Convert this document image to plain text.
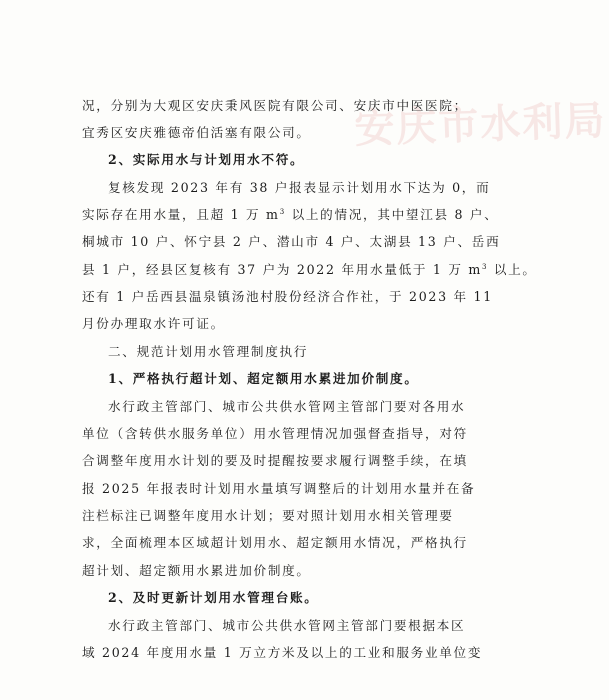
安庆市水利局
况，分别为大观区安庆秉风医院有限公司、安庆市中医医院；
宜秀区安庆雅德帝伯活塞有限公司。
2、实际用水与计划用水不符。
复核发现 2023 年有 38 户报表显示计划用水下达为 0，而
实际存在用水量，且超 1 万 $m^3$ 以上的情况，其中望江县 8 户、
桐城市 10 户、怀宁县 2 户、潜山市 4 户、太湖县 13 户、岳西
县 1 户，经县区复核有 37 户为 2022 年用水量低于 1 万 $m^3$ 以上。
还有 1 户岳西县温泉镇汤池村股份经济合作社，于 2023 年 11
月份办理取水许可证。
二、规范计划用水管理制度执行
1、严格执行超计划、超定额用水累进加价制度。
水行政主管部门、城市公共供水管网主管部门要对各用水
单位（含转供水服务单位）用水管理情况加强督查指导，对符
合调整年度用水计划的要及时提醒按要求履行调整手续，在填
报 2025 年报表时计划用水量填写调整后的计划用水量并在备
注栏标注已调整年度用水计划；要对照计划用水相关管理要
求，全面梳理本区域超计划用水、超定额用水情况，严格执行
超计划、超定额用水累进加价制度。
2、及时更新计划用水管理台账。
水行政主管部门、城市公共供水管网主管部门要根据本区
域 2024 年度用水量 1 万立方米及以上的工业和服务业单位变
